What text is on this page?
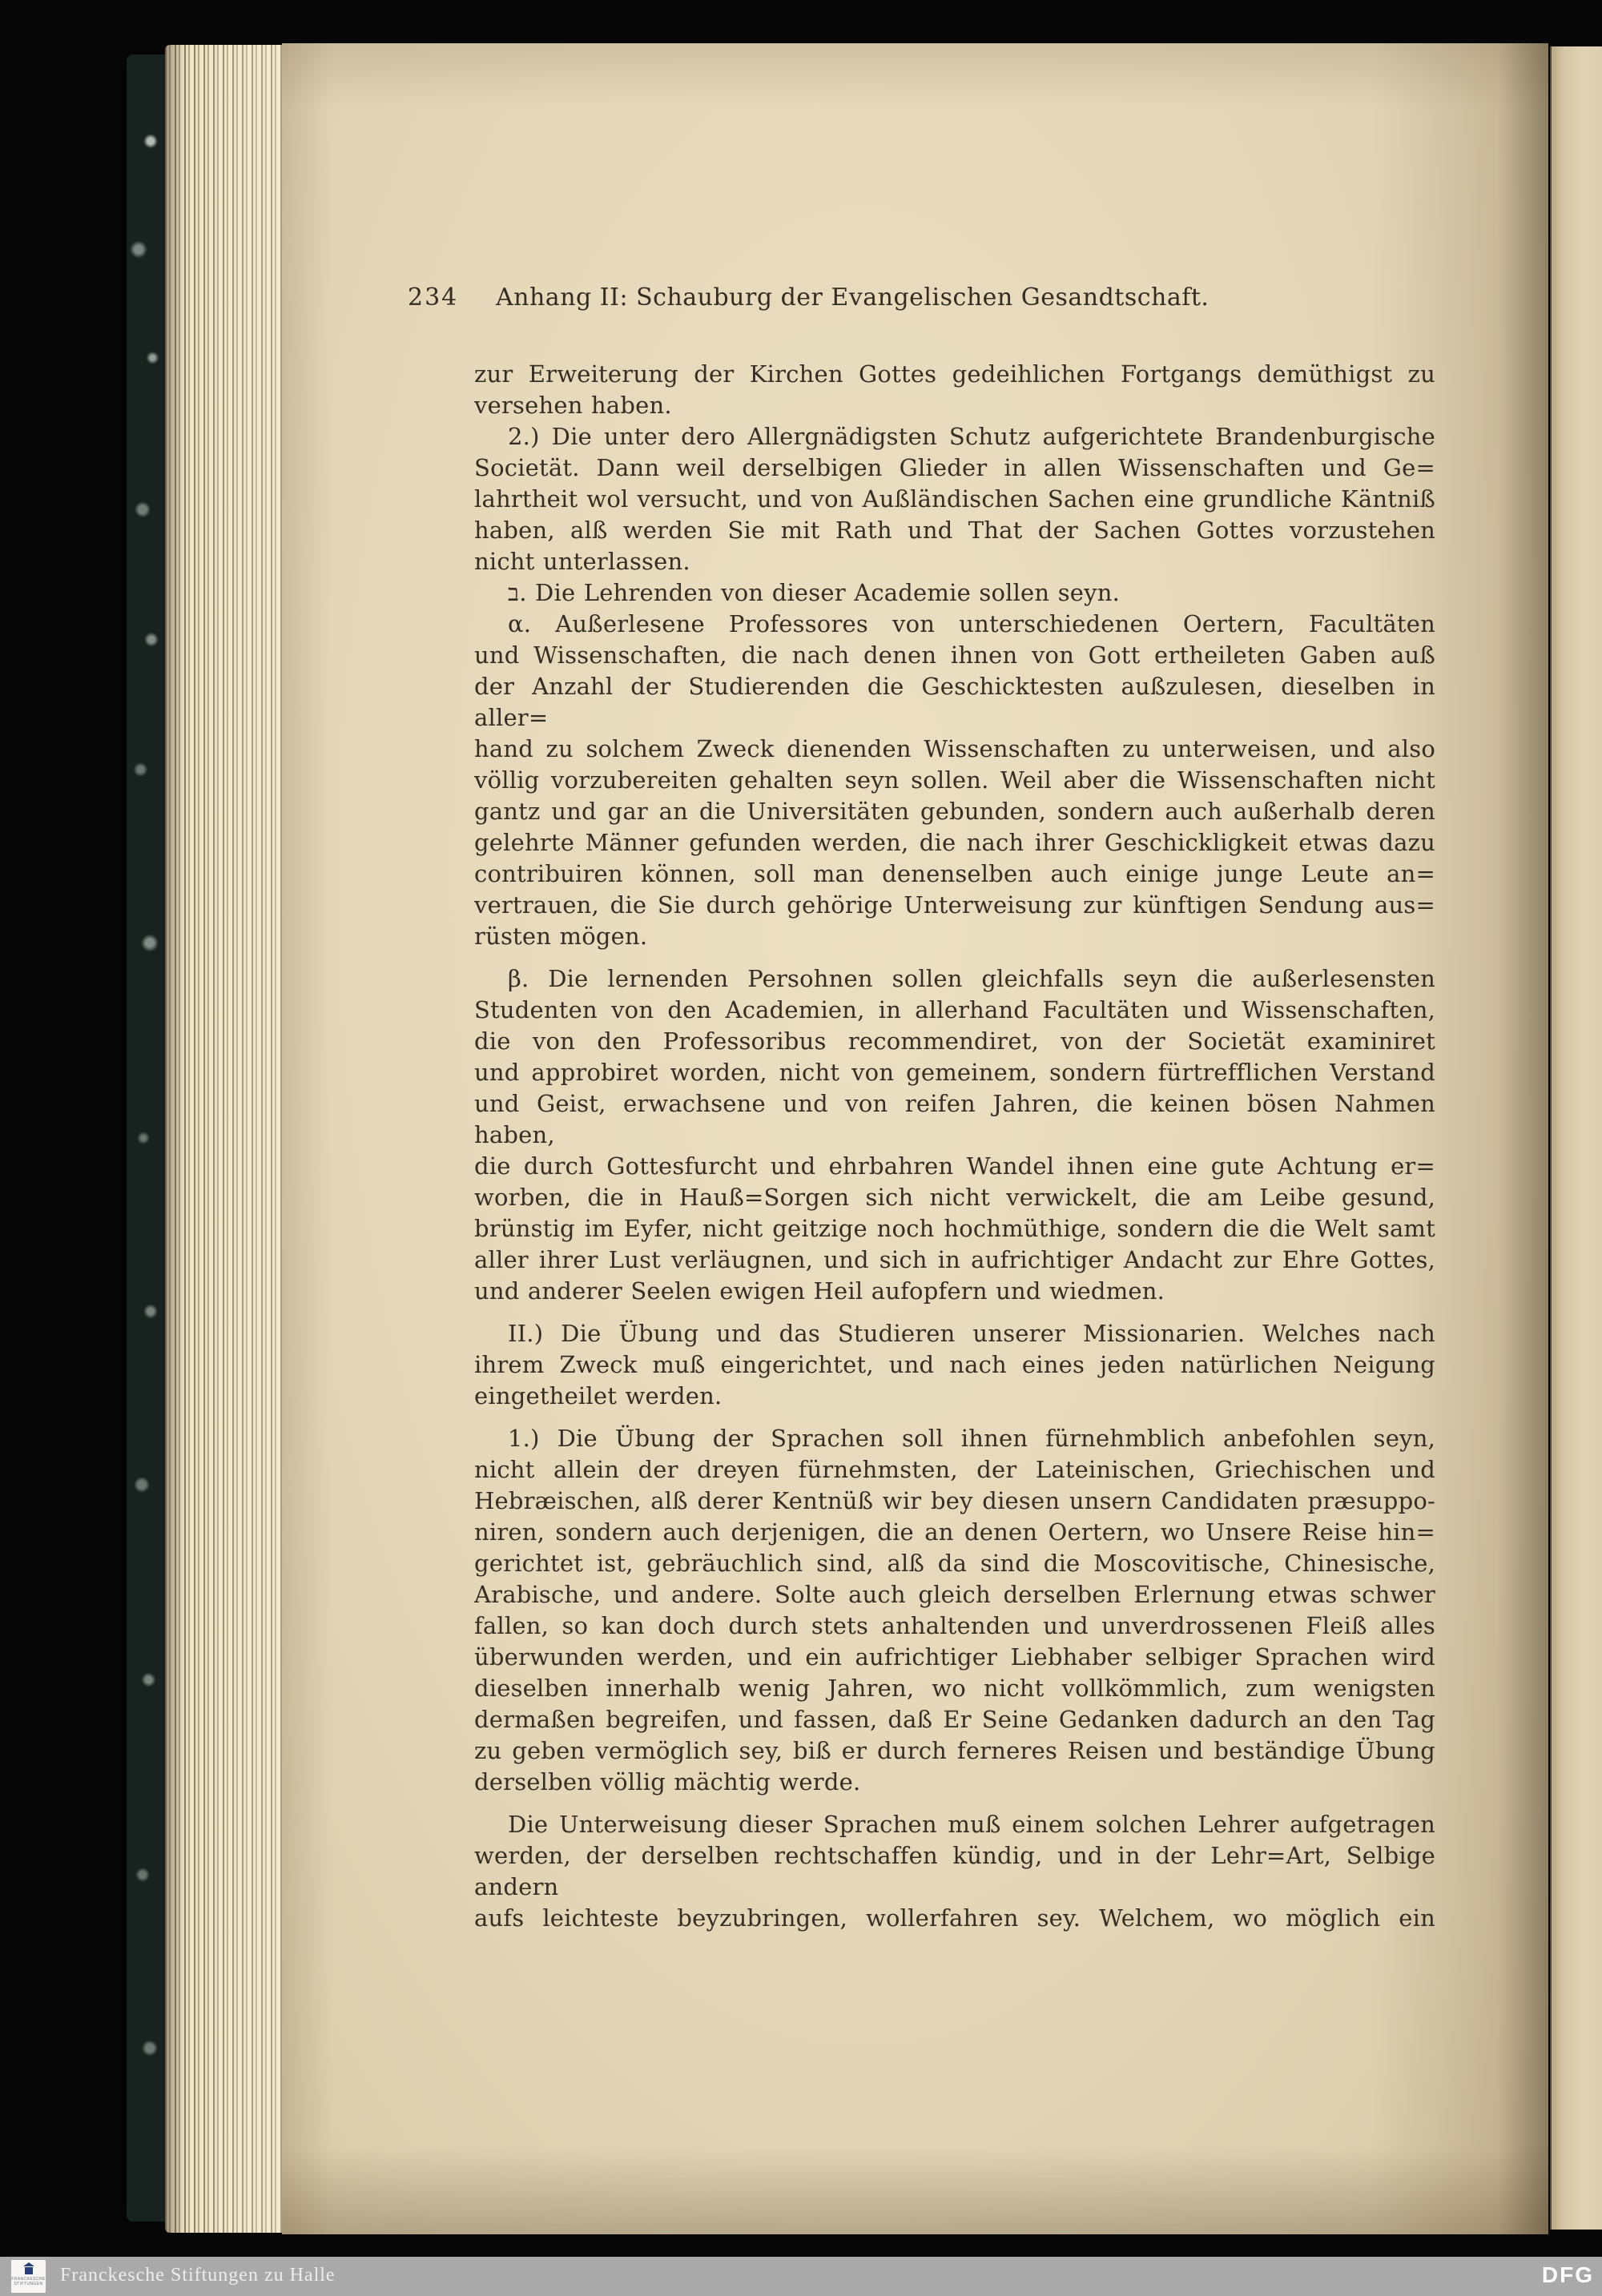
234 Anhang II: Schauburg der Evangelischen Gesandtschaft.
zur Erweiterung der Kirchen Gottes gedeihlichen Fortgangs demüthigst zu
versehen haben.
2.) Die unter dero Allergnädigsten Schutz aufgerichtete Brandenburgische
Societät. Dann weil derselbigen Glieder in allen Wissenschaften und Ge=
lahrtheit wol versucht, und von Außländischen Sachen eine grundliche Käntniß
haben, alß werden Sie mit Rath und That der Sachen Gottes vorzustehen
nicht unterlassen.
ב. Die Lehrenden von dieser Academie sollen seyn.
α. Außerlesene Professores von unterschiedenen Oertern, Facultäten
und Wissenschaften, die nach denen ihnen von Gott ertheileten Gaben auß
der Anzahl der Studierenden die Geschicktesten außzulesen, dieselben in aller=
hand zu solchem Zweck dienenden Wissenschaften zu unterweisen, und also
völlig vorzubereiten gehalten seyn sollen. Weil aber die Wissenschaften nicht
gantz und gar an die Universitäten gebunden, sondern auch außerhalb deren
gelehrte Männer gefunden werden, die nach ihrer Geschickligkeit etwas dazu
contribuiren können, soll man denenselben auch einige junge Leute an=
vertrauen, die Sie durch gehörige Unterweisung zur künftigen Sendung aus=
rüsten mögen.
β. Die lernenden Persohnen sollen gleichfalls seyn die außerlesensten
Studenten von den Academien, in allerhand Facultäten und Wissenschaften,
die von den Professoribus recommendiret, von der Societät examiniret
und approbiret worden, nicht von gemeinem, sondern fürtrefflichen Verstand
und Geist, erwachsene und von reifen Jahren, die keinen bösen Nahmen haben,
die durch Gottesfurcht und ehrbahren Wandel ihnen eine gute Achtung er=
worben, die in Hauß=Sorgen sich nicht verwickelt, die am Leibe gesund,
brünstig im Eyfer, nicht geitzige noch hochmüthige, sondern die die Welt samt
aller ihrer Lust verläugnen, und sich in aufrichtiger Andacht zur Ehre Gottes,
und anderer Seelen ewigen Heil aufopfern und wiedmen.
II.) Die Übung und das Studieren unserer Missionarien. Welches nach
ihrem Zweck muß eingerichtet, und nach eines jeden natürlichen Neigung
eingetheilet werden.
1.) Die Übung der Sprachen soll ihnen fürnehmblich anbefohlen seyn,
nicht allein der dreyen fürnehmsten, der Lateinischen, Griechischen und
Hebræischen, alß derer Kentnüß wir bey diesen unsern Candidaten præsuppo-
niren, sondern auch derjenigen, die an denen Oertern, wo Unsere Reise hin=
gerichtet ist, gebräuchlich sind, alß da sind die Moscovitische, Chinesische,
Arabische, und andere. Solte auch gleich derselben Erlernung etwas schwer
fallen, so kan doch durch stets anhaltenden und unverdrossenen Fleiß alles
überwunden werden, und ein aufrichtiger Liebhaber selbiger Sprachen wird
dieselben innerhalb wenig Jahren, wo nicht vollkömmlich, zum wenigsten
dermaßen begreifen, und fassen, daß Er Seine Gedanken dadurch an den Tag
zu geben vermöglich sey, biß er durch ferneres Reisen und beständige Übung
derselben völlig mächtig werde.
Die Unterweisung dieser Sprachen muß einem solchen Lehrer aufgetragen
werden, der derselben rechtschaffen kündig, und in der Lehr=Art, Selbige andern
aufs leichteste beyzubringen, wollerfahren sey. Welchem, wo möglich ein
FRANCKESCHE
STIFTUNGEN Franckesche Stiftungen zu Halle	DFG
